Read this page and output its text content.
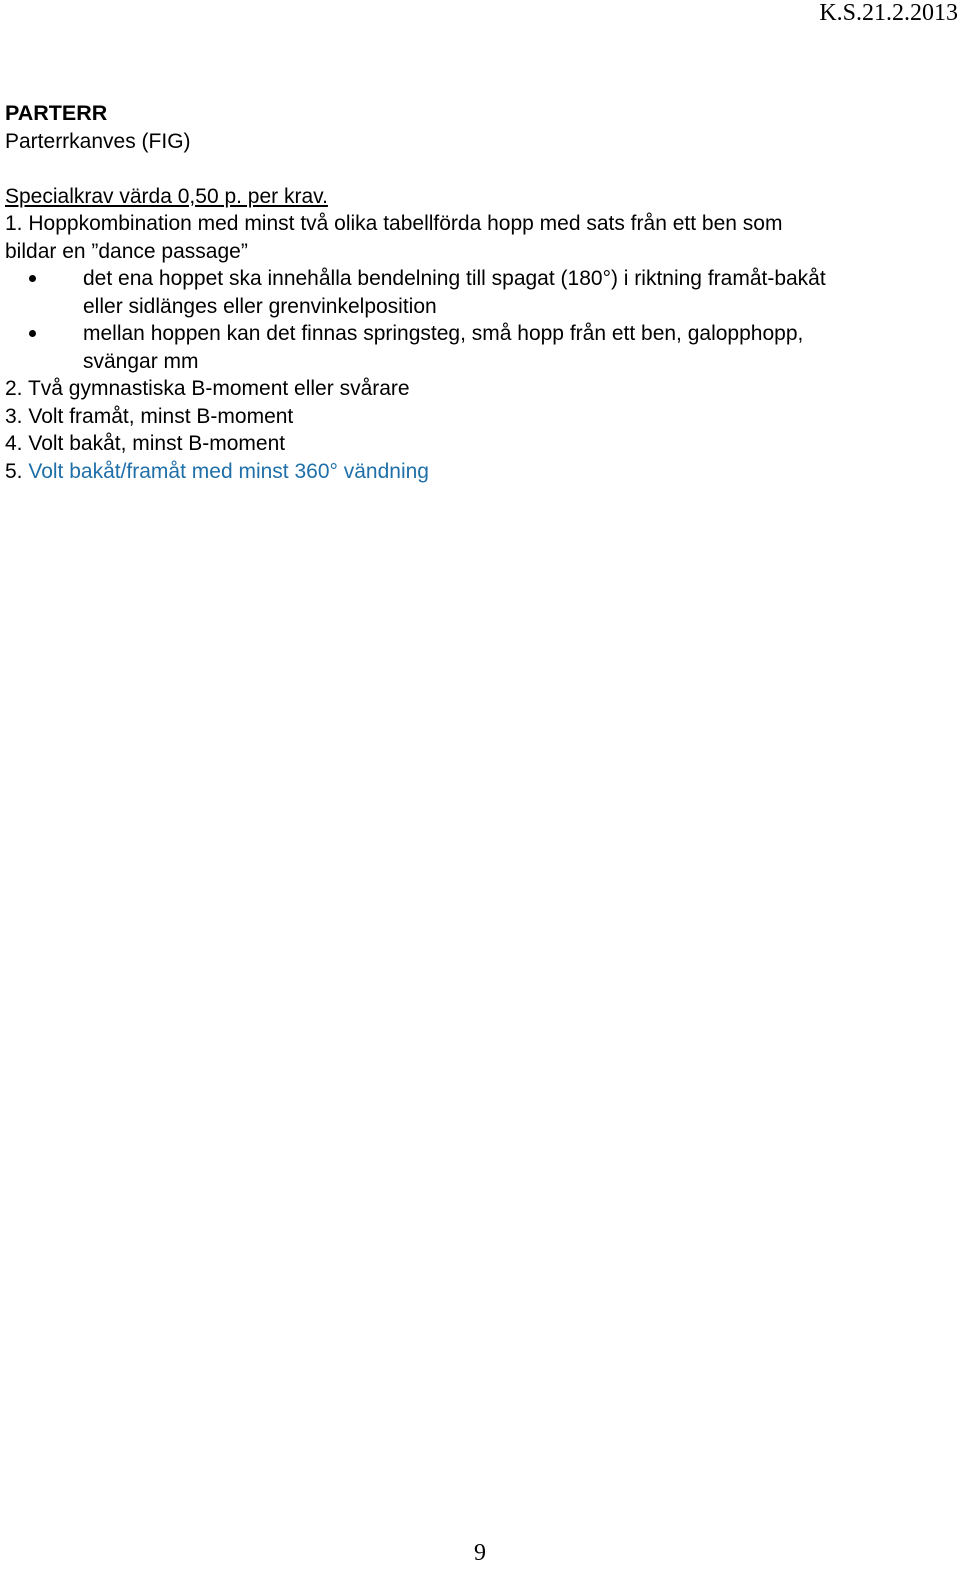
K.S.21.2.2013
PARTERR
Parterrkanves (FIG)
Specialkrav värda 0,50 p. per krav.
1. Hoppkombination med minst två olika tabellförda hopp med sats från ett ben som
bildar en ”dance passage”
det ena hoppet ska innehålla bendelning till spagat (180°) i riktning framåt-bakåt
eller sidlänges eller grenvinkelposition
mellan hoppen kan det finnas springsteg, små hopp från ett ben, galopphopp,
svängar mm
2. Två gymnastiska B-moment eller svårare
3. Volt framåt, minst B-moment
4. Volt bakåt, minst B-moment
5. Volt bakåt/framåt med minst 360° vändning
9
